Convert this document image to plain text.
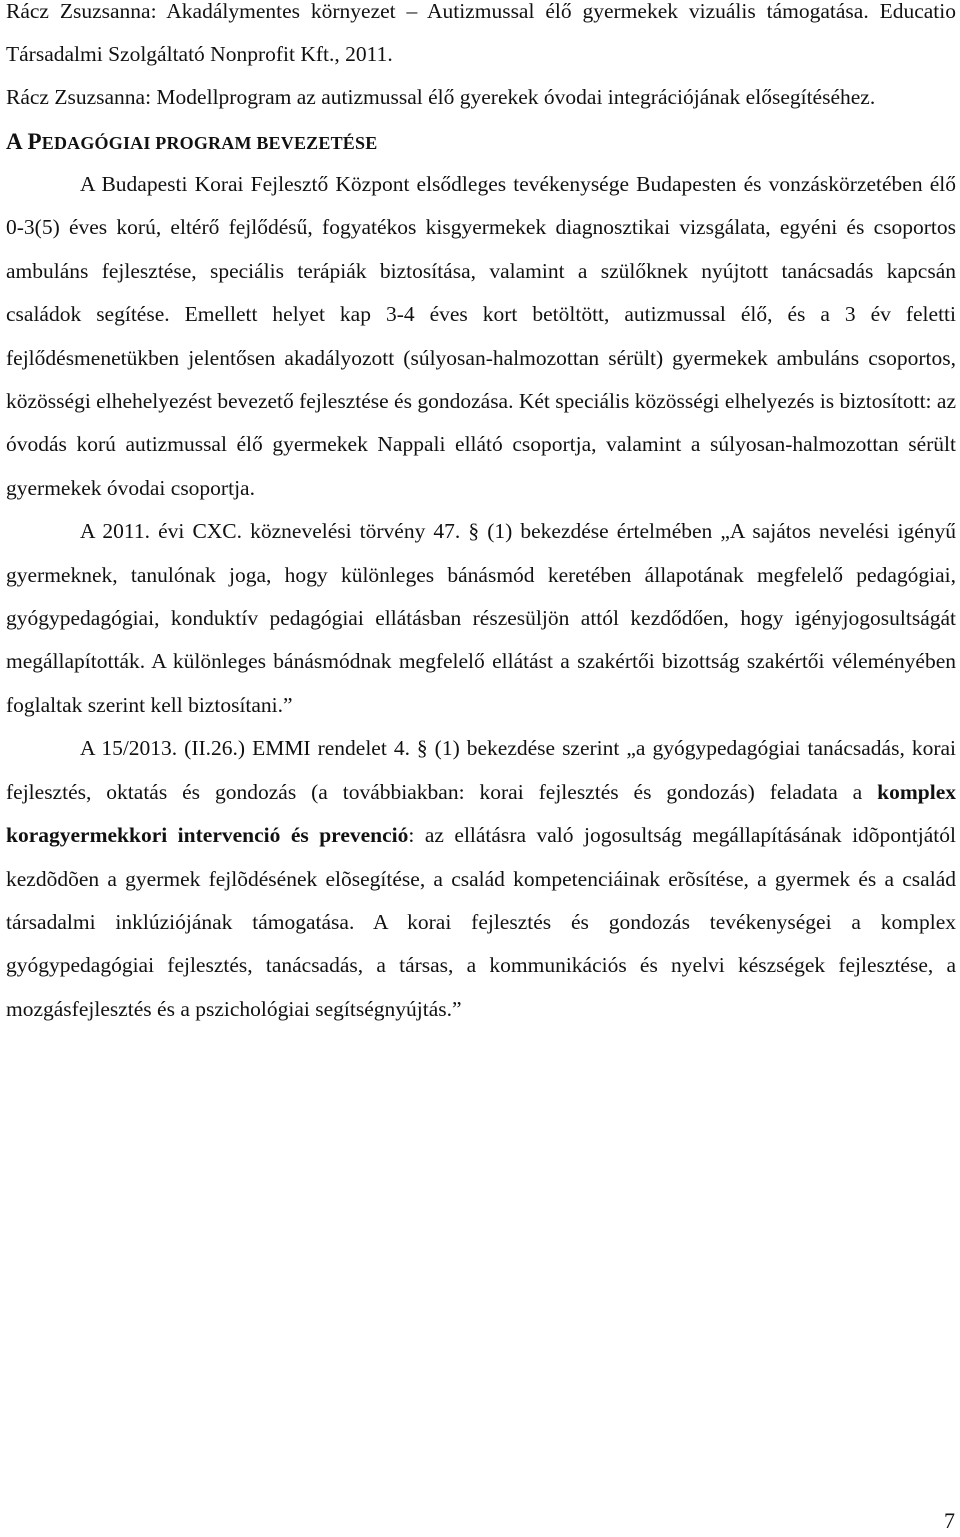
Rácz Zsuzsanna: Akadálymentes környezet – Autizmussal élő gyermekek vizuális támogatása. Educatio Társadalmi Szolgáltató Nonprofit Kft., 2011.
Rácz Zsuzsanna: Modellprogram az autizmussal élő gyerekek óvodai integrációjának elősegítéséhez.

A PEDAGÓGIAI PROGRAM BEVEZETÉSE

A Budapesti Korai Fejlesztő Központ elsődleges tevékenysége Budapesten és vonzáskörzetében élő 0-3(5) éves korú, eltérő fejlődésű, fogyatékos kisgyermekek diagnosztikai vizsgálata, egyéni és csoportos ambuláns fejlesztése, speciális terápiák biztosítása, valamint a szülőknek nyújtott tanácsadás kapcsán családok segítése. Emellett helyet kap 3-4 éves kort betöltött, autizmussal élő, és a 3 év feletti fejlődésmenetükben jelentősen akadályozott (súlyosan-halmozottan sérült) gyermekek ambuláns csoportos, közösségi elhehelyezést bevezető fejlesztése és gondozása. Két speciális közösségi elhelyezés is biztosított: az óvodás korú autizmussal élő gyermekek Nappali ellátó csoportja, valamint a súlyosan-halmozottan sérült gyermekek óvodai csoportja.

A 2011. évi CXC. köznevelési törvény 47. § (1) bekezdése értelmében „A sajátos nevelési igényű gyermeknek, tanulónak joga, hogy különleges bánásmód keretében állapotának megfelelő pedagógiai, gyógypedagógiai, konduktív pedagógiai ellátásban részesüljön attól kezdődően, hogy igényjogosultságát megállapították. A különleges bánásmódnak megfelelő ellátást a szakértői bizottság szakértői véleményében foglaltak szerint kell biztosítani.”

A 15/2013. (II.26.) EMMI rendelet 4. § (1) bekezdése szerint „a gyógypedagógiai tanácsadás, korai fejlesztés, oktatás és gondozás (a továbbiakban: korai fejlesztés és gondozás) feladata a komplex koragyermekkori intervenció és prevenció: az ellátásra való jogosultság megállapításának idõpontjától kezdõdõen a gyermek fejlõdésének elõsegítése, a család kompetenciáinak erõsítése, a gyermek és a család társadalmi inklúziójának támogatása. A korai fejlesztés és gondozás tevékenységei a komplex gyógypedagógiai fejlesztés, tanácsadás, a társas, a kommunikációs és nyelvi készségek fejlesztése, a mozgásfejlesztés és a pszichológiai segítségnyújtás.”

7
